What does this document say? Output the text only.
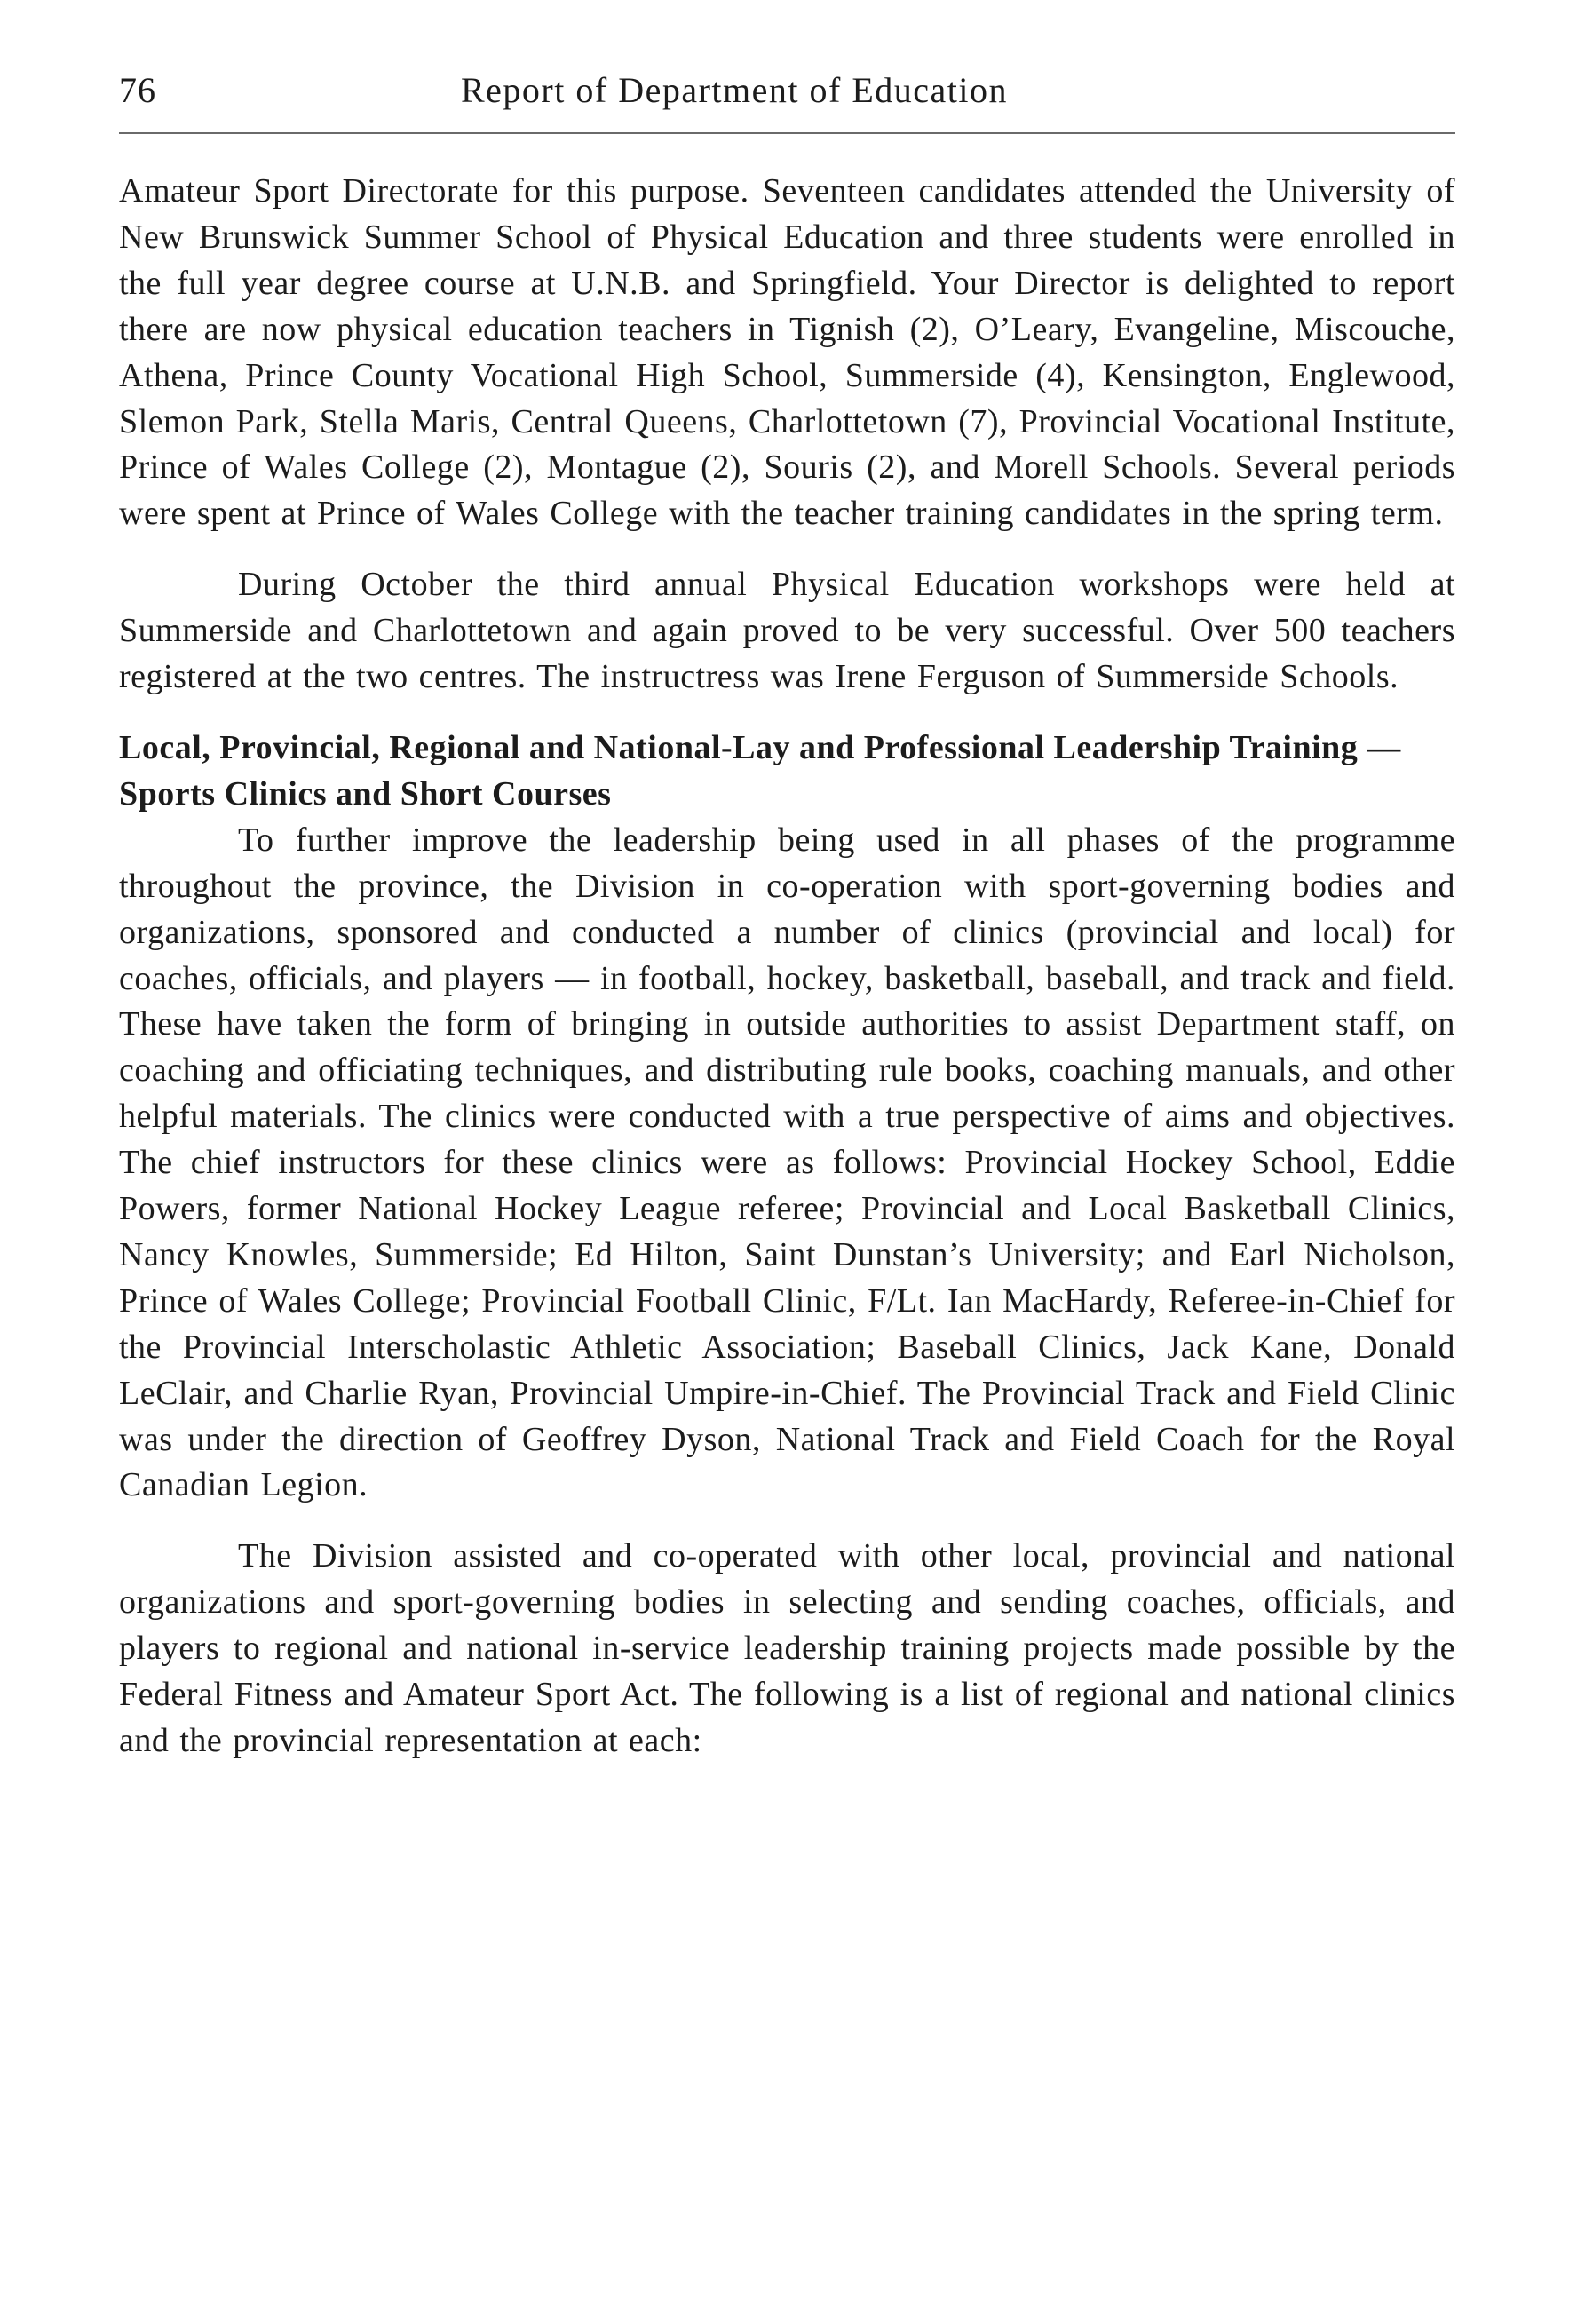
76	Report of Department of Education

Amateur Sport Directorate for this purpose. Seventeen candidates attended the University of New Brunswick Summer School of Physical Education and three students were enrolled in the full year degree course at U.N.B. and Springfield. Your Director is delighted to report there are now physical education teachers in Tignish (2), O’Leary, Evangeline, Miscouche, Athena, Prince County Vocational High School, Summerside (4), Kensington, Englewood, Slemon Park, Stella Maris, Central Queens, Charlottetown (7), Provincial Vocational Institute, Prince of Wales College (2), Montague (2), Souris (2), and Morell Schools. Several periods were spent at Prince of Wales College with the teacher training candidates in the spring term.

During October the third annual Physical Education workshops were held at Summerside and Charlottetown and again proved to be very successful. Over 500 teachers registered at the two centres. The instructress was Irene Ferguson of Summerside Schools.

Local, Provincial, Regional and National-Lay and Professional Leadership Training — Sports Clinics and Short Courses

To further improve the leadership being used in all phases of the programme throughout the province, the Division in co-operation with sport-governing bodies and organizations, sponsored and conducted a number of clinics (provincial and local) for coaches, officials, and players — in football, hockey, basketball, baseball, and track and field. These have taken the form of bringing in outside authorities to assist Department staff, on coaching and officiating techniques, and distributing rule books, coaching manuals, and other helpful materials. The clinics were conducted with a true perspective of aims and objectives. The chief instructors for these clinics were as follows: Provincial Hockey School, Eddie Powers, former National Hockey League referee; Provincial and Local Basketball Clinics, Nancy Knowles, Summerside; Ed Hilton, Saint Dunstan’s University; and Earl Nicholson, Prince of Wales College; Provincial Football Clinic, F/Lt. Ian MacHardy, Referee-in-Chief for the Provincial Interscholastic Athletic Association; Baseball Clinics, Jack Kane, Donald LeClair, and Charlie Ryan, Provincial Umpire-in-Chief. The Provincial Track and Field Clinic was under the direction of Geoffrey Dyson, National Track and Field Coach for the Royal Canadian Legion.

The Division assisted and co-operated with other local, provincial and national organizations and sport-governing bodies in selecting and sending coaches, officials, and players to regional and national in-service leadership training projects made possible by the Federal Fitness and Amateur Sport Act. The following is a list of regional and national clinics and the provincial representation at each:
